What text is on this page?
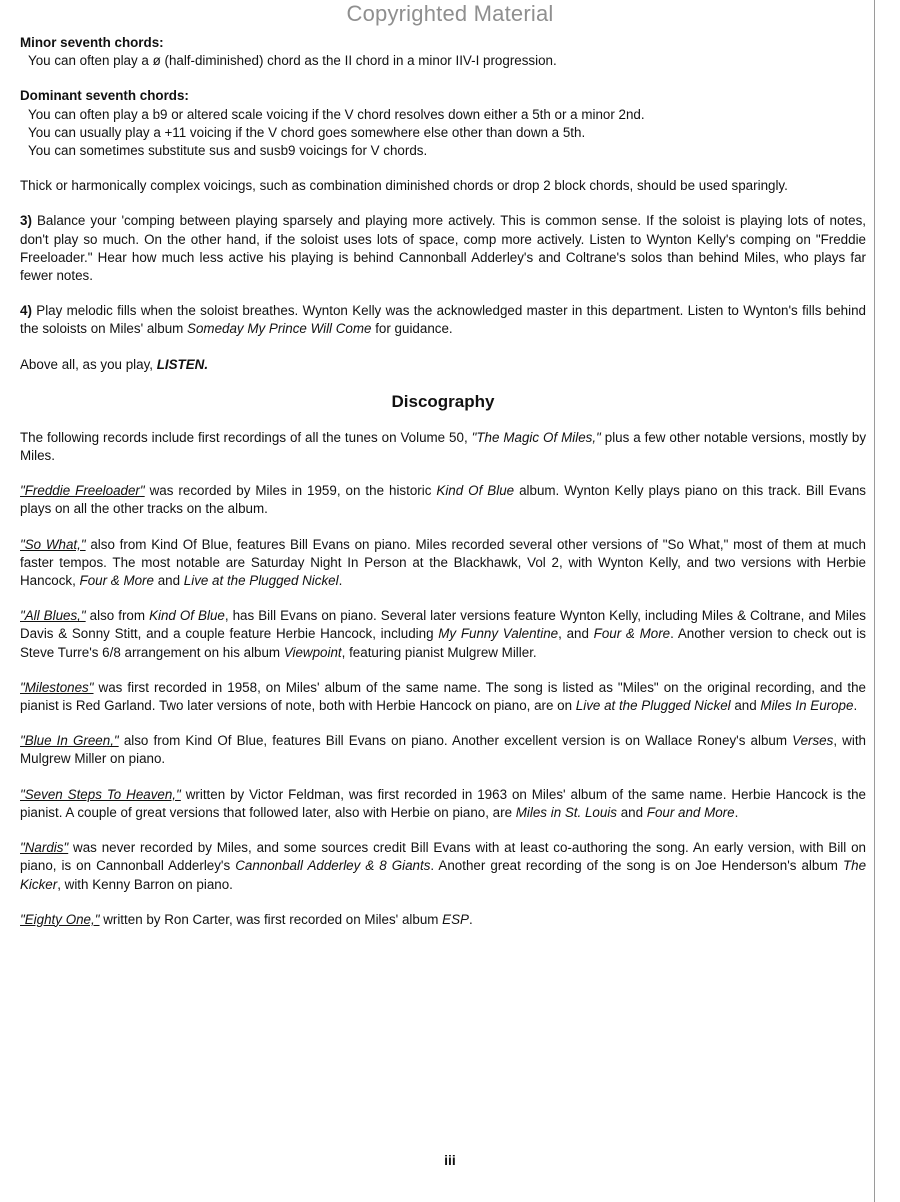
Copyrighted Material
Minor seventh chords:
You can often play a ø (half-diminished) chord as the II chord in a minor IIV-I progression.
Dominant seventh chords:
You can often play a b9 or altered scale voicing if the V chord resolves down either a 5th or a minor 2nd.
You can usually play a +11 voicing if the V chord goes somewhere else other than down a 5th.
You can sometimes substitute sus and susb9 voicings for V chords.
Thick or harmonically complex voicings, such as combination diminished chords or drop 2 block chords, should be used sparingly.
3) Balance your 'comping between playing sparsely and playing more actively. This is common sense. If the soloist is playing lots of notes, don't play so much. On the other hand, if the soloist uses lots of space, comp more actively. Listen to Wynton Kelly's comping on "Freddie Freeloader." Hear how much less active his playing is behind Cannonball Adderley's and Coltrane's solos than behind Miles, who plays far fewer notes.
4) Play melodic fills when the soloist breathes. Wynton Kelly was the acknowledged master in this department. Listen to Wynton's fills behind the soloists on Miles' album Someday My Prince Will Come for guidance.
Above all, as you play, LISTEN.
Discography
The following records include first recordings of all the tunes on Volume 50, "The Magic Of Miles," plus a few other notable versions, mostly by Miles.
"Freddie Freeloader" was recorded by Miles in 1959, on the historic Kind Of Blue album. Wynton Kelly plays piano on this track. Bill Evans plays on all the other tracks on the album.
"So What," also from Kind Of Blue, features Bill Evans on piano. Miles recorded several other versions of "So What," most of them at much faster tempos. The most notable are Saturday Night In Person at the Blackhawk, Vol 2, with Wynton Kelly, and two versions with Herbie Hancock, Four & More and Live at the Plugged Nickel.
"All Blues," also from Kind Of Blue, has Bill Evans on piano. Several later versions feature Wynton Kelly, including Miles & Coltrane, and Miles Davis & Sonny Stitt, and a couple feature Herbie Hancock, including My Funny Valentine, and Four & More. Another version to check out is Steve Turre's 6/8 arrangement on his album Viewpoint, featuring pianist Mulgrew Miller.
"Milestones" was first recorded in 1958, on Miles' album of the same name. The song is listed as "Miles" on the original recording, and the pianist is Red Garland. Two later versions of note, both with Herbie Hancock on piano, are on Live at the Plugged Nickel and Miles In Europe.
"Blue In Green," also from Kind Of Blue, features Bill Evans on piano. Another excellent version is on Wallace Roney's album Verses, with Mulgrew Miller on piano.
"Seven Steps To Heaven," written by Victor Feldman, was first recorded in 1963 on Miles' album of the same name. Herbie Hancock is the pianist. A couple of great versions that followed later, also with Herbie on piano, are Miles in St. Louis and Four and More.
"Nardis" was never recorded by Miles, and some sources credit Bill Evans with at least co-authoring the song. An early version, with Bill on piano, is on Cannonball Adderley's Cannonball Adderley & 8 Giants. Another great recording of the song is on Joe Henderson's album The Kicker, with Kenny Barron on piano.
"Eighty One," written by Ron Carter, was first recorded on Miles' album ESP.
iii
